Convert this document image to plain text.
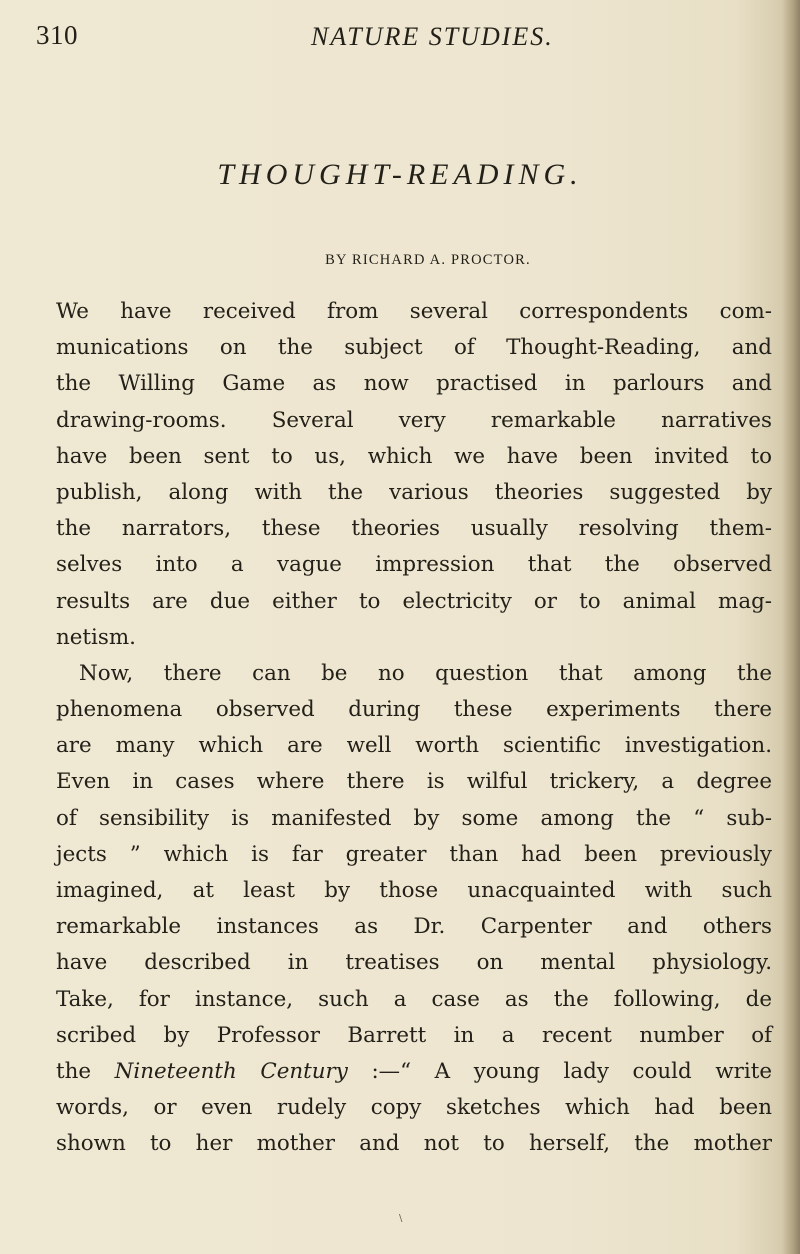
310	NATURE STUDIES.
THOUGHT-READING.
BY RICHARD A. PROCTOR.
We have received from several correspondents com-
munications on the subject of Thought-Reading, and
the Willing Game as now practised in parlours and
drawing-rooms. Several very remarkable narratives
have been sent to us, which we have been invited to
publish, along with the various theories suggested by
the narrators, these theories usually resolving them-
selves into a vague impression that the observed
results are due either to electricity or to animal mag-
netism.
Now, there can be no question that among the
phenomena observed during these experiments there
are many which are well worth scientific investigation.
Even in cases where there is wilful trickery, a degree
of sensibility is manifested by some among the “ sub-
jects ” which is far greater than had been previously
imagined, at least by those unacquainted with such
remarkable instances as Dr. Carpenter and others
have described in treatises on mental physiology.
Take, for instance, such a case as the following, de
scribed by Professor Barrett in a recent number of
the Nineteenth Century :—“ A young lady could write
words, or even rudely copy sketches which had been
shown to her mother and not to herself, the mother
\
